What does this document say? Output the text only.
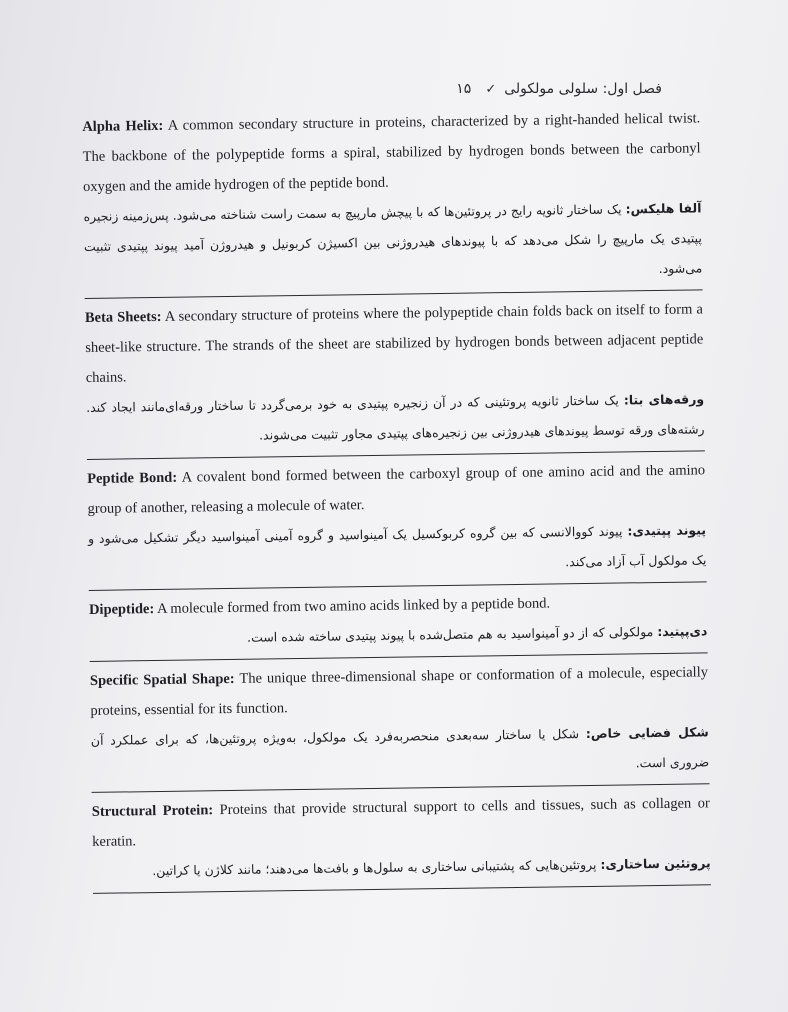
فصل اول: سلولی مولکولی
✓
۱۵

Alpha Helix: A common secondary structure in proteins, characterized by a right-handed helical twist. The backbone of the polypeptide forms a spiral, stabilized by hydrogen bonds between the carbonyl oxygen and the amide hydrogen of the peptide bond.

آلفا هلیکس: یک ساختار ثانویه رایج در پروتئین‌ها که با پیچش مارپیچ به سمت راست شناخته می‌شود. پس‌زمینه زنجیره پپتیدی یک مارپیچ را شکل می‌دهد که با پیوندهای هیدروژنی بین اکسیژن کربونیل و هیدروژن آمید پیوند پپتیدی تثبیت می‌شود.

Beta Sheets: A secondary structure of proteins where the polypeptide chain folds back on itself to form a sheet-like structure. The strands of the sheet are stabilized by hydrogen bonds between adjacent peptide chains.

ورقه‌های بتا: یک ساختار ثانویه پروتئینی که در آن زنجیره پپتیدی به خود برمی‌گردد تا ساختار ورقه‌ای‌مانند ایجاد کند. رشته‌های ورقه توسط پیوندهای هیدروژنی بین زنجیره‌های پپتیدی مجاور تثبیت می‌شوند.

Peptide Bond: A covalent bond formed between the carboxyl group of one amino acid and the amino group of another, releasing a molecule of water.

پیوند پپتیدی: پیوند کووالانسی که بین گروه کربوکسیل یک آمینواسید و گروه آمینی آمینواسید دیگر تشکیل می‌شود و یک مولکول آب آزاد می‌کند.

Dipeptide: A molecule formed from two amino acids linked by a peptide bond.

دی‌پپتید: مولکولی که از دو آمینواسید به هم متصل‌شده با پیوند پپتیدی ساخته شده است.

Specific Spatial Shape: The unique three-dimensional shape or conformation of a molecule, especially proteins, essential for its function.

شکل فضایی خاص: شکل یا ساختار سه‌بعدی منحصربه‌فرد یک مولکول، به‌ویژه پروتئین‌ها، که برای عملکرد آن ضروری است.

Structural Protein: Proteins that provide structural support to cells and tissues, such as collagen or keratin.

پروتئین ساختاری: پروتئین‌هایی که پشتیبانی ساختاری به سلول‌ها و بافت‌ها می‌دهند؛ مانند کلاژن یا کراتین.
